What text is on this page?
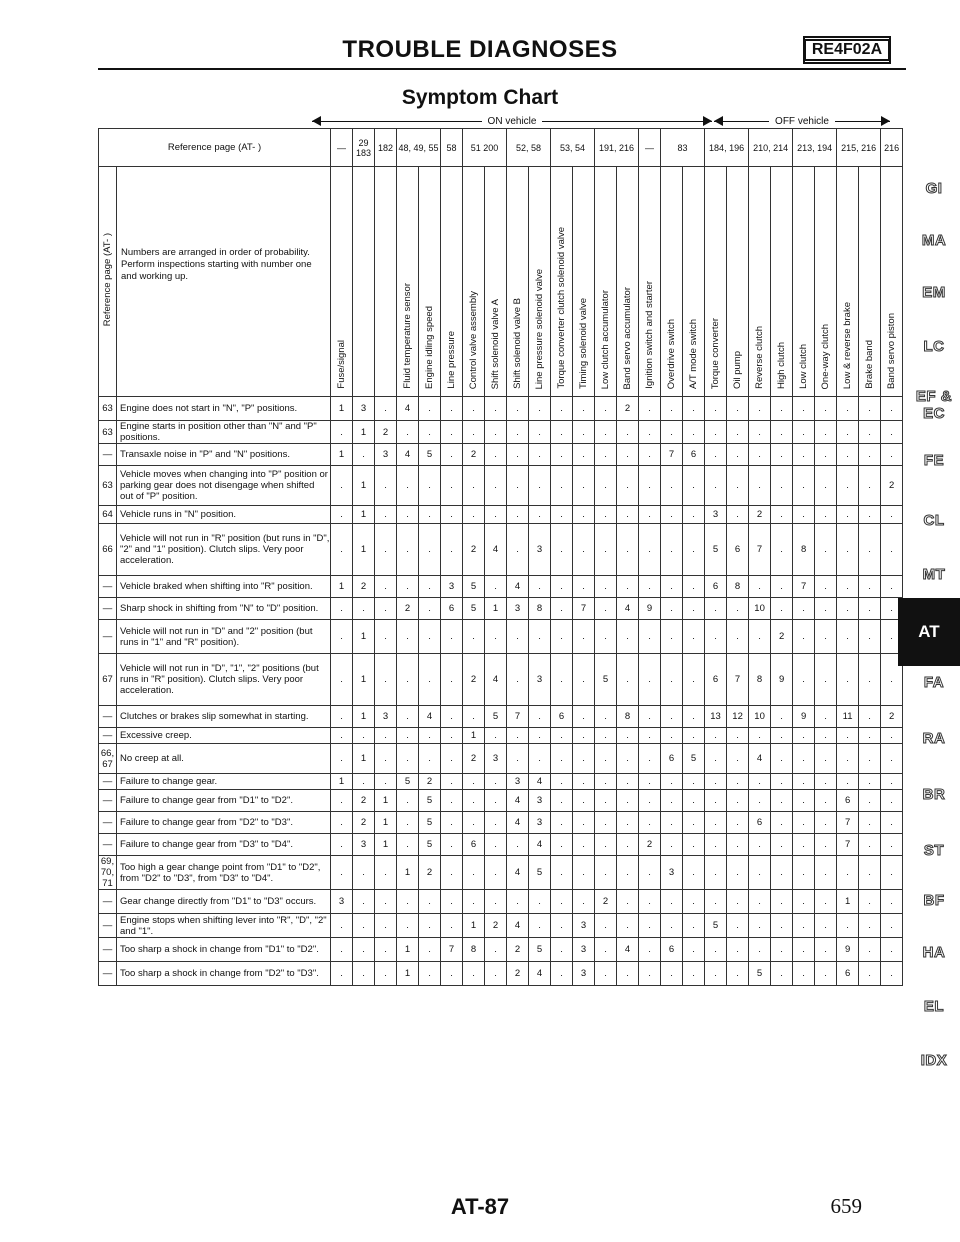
TROUBLE DIAGNOSES	RE4F02A
Symptom Chart
ON vehicle	OFF vehicle
Reference page (AT- )		—	29 183	182	48, 49, 55		58	51 200		52, 58		53, 54		191, 216		—	83		184, 196		210, 214		213, 194		215, 216		216	
Reference page (AT- )	Numbers are arranged in order of probability. Perform inspections starting with number one and working up.	Fuse/signal			Fluid temperature sensor	Engine idling speed	Line pressure	Control valve assembly	Shift solenoid valve A	Shift solenoid valve B	Line pressure solenoid valve	Torque converter clutch solenoid valve	Timing solenoid valve	Low clutch accumulator	Band servo accumulator	Ignition switch and starter	Overdrive switch	A/T mode switch	Torque converter	Oil pump	Reverse clutch	High clutch	Low clutch	One-way clutch	Low & reverse brake	Brake band	Band servo piston	
63	Engine does not start in "N", "P" positions.	1	3	.	4	.	.	.	.	.	.	.	.	.	2	.	.	.	.	.	.	.	.	.	.	.	.	
63	Engine starts in position other than "N" and "P" positions.	.	1	2	.	.	.	.	.	.	.	.	.	.	.	.	.	.	.	.	.	.	.	.	.	.	.	
—	Transaxle noise in "P" and "N" positions.	1	.	3	4	5	.	2	.	.	.	.	.	.	.	.	7	6	.	.	.	.	.	.	.	.	.	
63	Vehicle moves when changing into "P" position or parking gear does not disengage when shifted out of "P" position.	.	1	.	.	.	.	.	.	.	.	.	.	.	.	.	.	.	.	.	.	.	.	.	.	.	2	
64	Vehicle runs in "N" position.	.	1	.	.	.	.	.	.	.	.	.	.	.	.	.	.	.	3	.	2	.	.	.	.	.	.	
66	Vehicle will not run in "R" position (but runs in "D", "2" and "1" position). Clutch slips. Very poor acceleration.	.	1	.	.	.	.	2	4	.	3	.	.	.	.	.	.	.	5	6	7	.	8	.	.	.	.	
—	Vehicle braked when shifting into "R" position.	1	2	.	.	.	3	5	.	4	.	.	.	.	.	.	.	.	6	8	.	.	7	.	.	.	.	
—	Sharp shock in shifting from "N" to "D" position.	.	.	.	2	.	6	5	1	3	8	.	7	.	4	9	.	.	.	.	10	.	.	.	.	.	.	
—	Vehicle will not run in "D" and "2" position (but runs in "1" and "R" position).	.	1	.	.	.	.	.	.	.	.	.	.	.	.	.	.	.	.	.	.	2	.	.	.	.	.	
67	Vehicle will not run in "D", "1", "2" positions (but runs in "R" position). Clutch slips. Very poor acceleration.	.	1	.	.	.	.	2	4	.	3	.	.	5	.	.	.	.	6	7	8	9	.	.	.	.	.	
—	Clutches or brakes slip somewhat in starting.	.	1	3	.	4	.	.	5	7	.	6	.	.	8	.	.	.	13	12	10	.	9	.	11	.	2	
—	Excessive creep.	.	.	.	.	.	.	1	.	.	.	.	.	.	.	.	.	.	.	.	.	.	.	.	.	.	.	
66, 67	No creep at all.	.	1	.	.	.	.	2	3	.	.	.	.	.	.	.	6	5	.	.	4	.	.	.	.	.	.	
—	Failure to change gear.	1	.	.	5	2	.	.	.	3	4	.	.	.	.	.	.	.	.	.	.	.	.	.	.	.	.	
—	Failure to change gear from "D1" to "D2".	.	2	1	.	5	.	.	.	4	3	.	.	.	.	.	.	.	.	.	.	.	.	.	6	.	.	
—	Failure to change gear from "D2" to "D3".	.	2	1	.	5	.	.	.	4	3	.	.	.	.	.	.	.	.	.	6	.	.	.	7	.	.	
—	Failure to change gear from "D3" to "D4".	.	3	1	.	5	.	6	.	.	4	.	.	.	.	2	.	.	.	.	.	.	.	.	7	.	.	
69, 70, 71	Too high a gear change point from "D1" to "D2", from "D2" to "D3", from "D3" to "D4".	.	.	.	1	2	.	.	.	4	5	.	.	.	.	.	3	.	.	.	.	.	.	.	.	.	.	
—	Gear change directly from "D1" to "D3" occurs.	3	.	.	.	.	.	.	.	.	.	.	.	2	.	.	.	.	.	.	.	.	.	.	1	.	.	
—	Engine stops when shifting lever into "R", "D", "2" and "1".	.	.	.	.	.	.	1	2	4	.	.	3	.	.	.	.	.	5	.	.	.	.	.	.	.	.	
—	Too sharp a shock in change from "D1" to "D2".	.	.	.	1	.	7	8	.	2	5	.	3	.	4	.	6	.	.	.	.	.	.	.	9	.	.	
—	Too sharp a shock in change from "D2" to "D3".	.	.	.	1	.	.	.	.	2	4	.	3	.	.	.	.	.	.	.	5	.	.	.	6	.	.	
GI
MA
EM
LC
EF & EC
FE
CL
MT
FA
RA
BR
ST
BF
HA
EL
IDX
AT
AT-87	659
